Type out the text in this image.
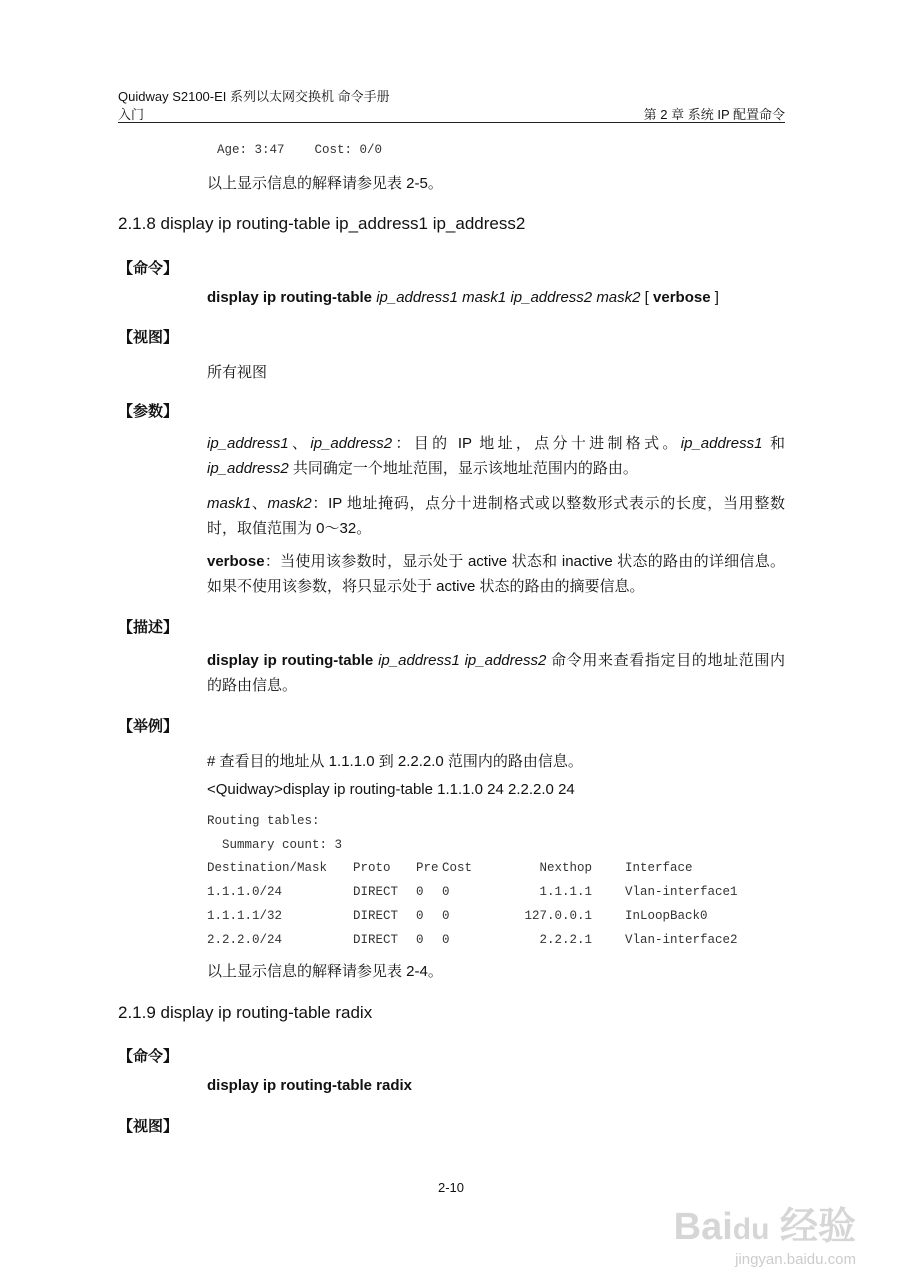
Quidway S2100-EI 系列以太网交换机 命令手册
入门	第 2 章 系统 IP 配置命令
Age: 3:47    Cost: 0/0
以上显示信息的解释请参见表 2-5。
2.1.8 display ip routing-table ip_address1 ip_address2
【命令】
display ip routing-table ip_address1 mask1 ip_address2 mask2 [ verbose ]
【视图】
所有视图
【参数】
ip_address1、ip_address2：目的 IP 地址，点分十进制格式。ip_address1 和 ip_address2 共同确定一个地址范围，显示该地址范围内的路由。
mask1、mask2：IP 地址掩码，点分十进制格式或以整数形式表示的长度，当用整数时，取值范围为 0～32。
verbose：当使用该参数时，显示处于 active 状态和 inactive 状态的路由的详细信息。如果不使用该参数，将只显示处于 active 状态的路由的摘要信息。
【描述】
display ip routing-table ip_address1 ip_address2 命令用来查看指定目的地址范围内的路由信息。
【举例】
# 查看目的地址从 1.1.1.0 到 2.2.2.0 范围内的路由信息。
<Quidway>display ip routing-table 1.1.1.0 24 2.2.2.0 24
Routing tables:
Summary count: 3
Destination/Mask Proto Pre Cost	Nexthop	Interface
1.1.1.0/24	DIRECT 0 0	1.1.1.1	Vlan-interface1
1.1.1.1/32	DIRECT 0 0	127.0.0.1	InLoopBack0
2.2.2.0/24	DIRECT 0 0	2.2.2.1	Vlan-interface2
以上显示信息的解释请参见表 2-4。
2.1.9 display ip routing-table radix
【命令】
display ip routing-table radix
【视图】
2-10
Baidu 经验
jingyan.baidu.com
